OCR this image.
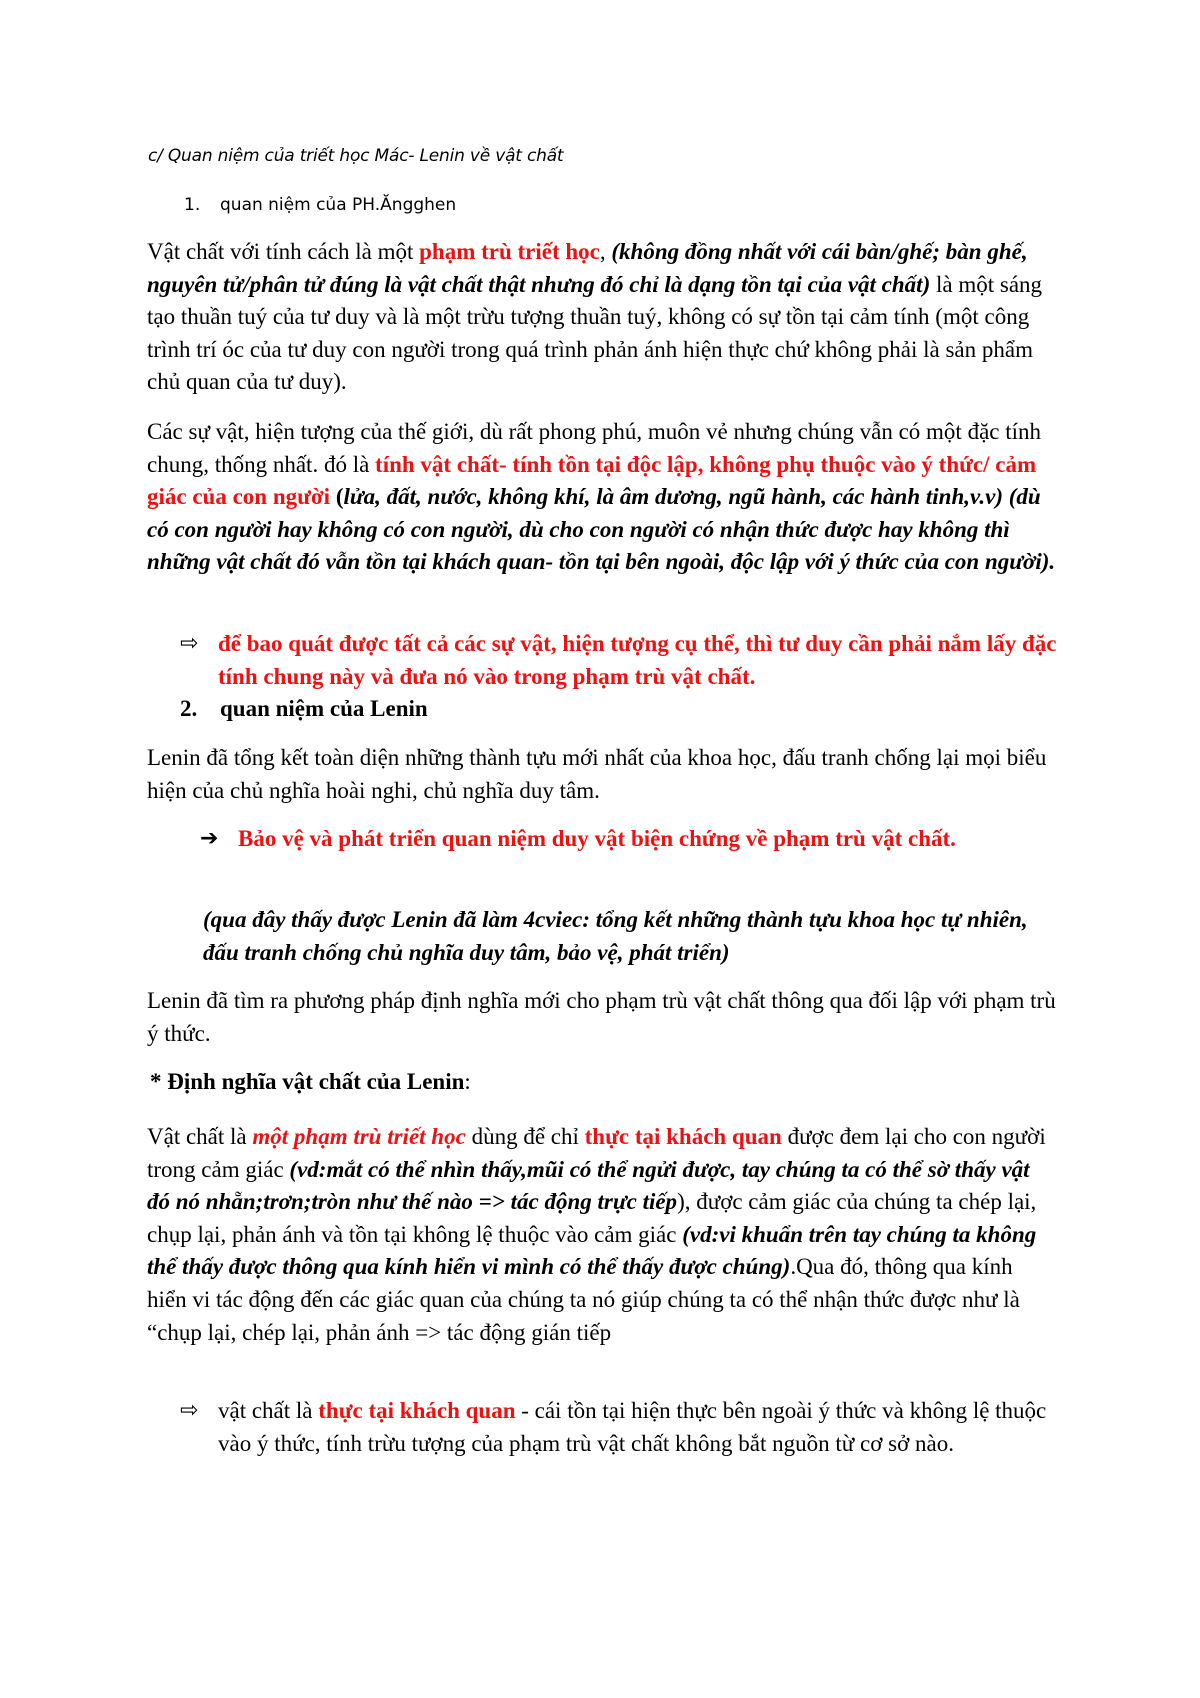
c/ Quan niệm của triết học Mác- Lenin về vật chất
1. quan niệm của PH.Ăngghen

Vật chất với tính cách là một phạm trù triết học, (không đồng nhất với cái bàn/ghế; bàn ghế, nguyên tử/phân tử đúng là vật chất thật nhưng đó chỉ là dạng tồn tại của vật chất) là một sáng tạo thuần tuý của tư duy và là một trừu tượng thuần tuý, không có sự tồn tại cảm tính (một công trình trí óc của tư duy con người trong quá trình phản ánh hiện thực chứ không phải là sản phẩm chủ quan của tư duy).

Các sự vật, hiện tượng của thế giới, dù rất phong phú, muôn vẻ nhưng chúng vẫn có một đặc tính chung, thống nhất. đó là tính vật chất- tính tồn tại độc lập, không phụ thuộc vào ý thức/ cảm giác của con người (lửa, đất, nước, không khí, là âm dương, ngũ hành, các hành tinh,v.v) (dù có con người hay không có con người, dù cho con người có nhận thức được hay không thì những vật chất đó vẫn tồn tại khách quan- tồn tại bên ngoài, độc lập với ý thức của con người).

⇨ để bao quát được tất cả các sự vật, hiện tượng cụ thể, thì tư duy cần phải nắm lấy đặc tính chung này và đưa nó vào trong phạm trù vật chất.
2. quan niệm của Lenin

Lenin đã tổng kết toàn diện những thành tựu mới nhất của khoa học, đấu tranh chống lại mọi biểu hiện của chủ nghĩa hoài nghi, chủ nghĩa duy tâm.

➔ Bảo vệ và phát triển quan niệm duy vật biện chứng về phạm trù vật chất.

(qua đây thấy được Lenin đã làm 4cviec: tổng kết những thành tựu khoa học tự nhiên, đấu tranh chống chủ nghĩa duy tâm, bảo vệ, phát triển)

Lenin đã tìm ra phương pháp định nghĩa mới cho phạm trù vật chất thông qua đối lập với phạm trù ý thức.

* Định nghĩa vật chất của Lenin:

Vật chất là một phạm trù triết học dùng để chỉ thực tại khách quan được đem lại cho con người trong cảm giác (vd:mắt có thể nhìn thấy,mũi có thể ngửi được, tay chúng ta có thể sờ thấy vật đó nó nhẵn;trơn;tròn như thế nào => tác động trực tiếp), được cảm giác của chúng ta chép lại, chụp lại, phản ánh và tồn tại không lệ thuộc vào cảm giác (vd:vi khuẩn trên tay chúng ta không thể thấy được thông qua kính hiển vi mình có thể thấy được chúng).Qua đó, thông qua kính hiển vi tác động đến các giác quan của chúng ta nó giúp chúng ta có thể nhận thức được như là “chụp lại, chép lại, phản ánh => tác động gián tiếp

⇨ vật chất là thực tại khách quan - cái tồn tại hiện thực bên ngoài ý thức và không lệ thuộc vào ý thức, tính trừu tượng của phạm trù vật chất không bắt nguồn từ cơ sở nào.
